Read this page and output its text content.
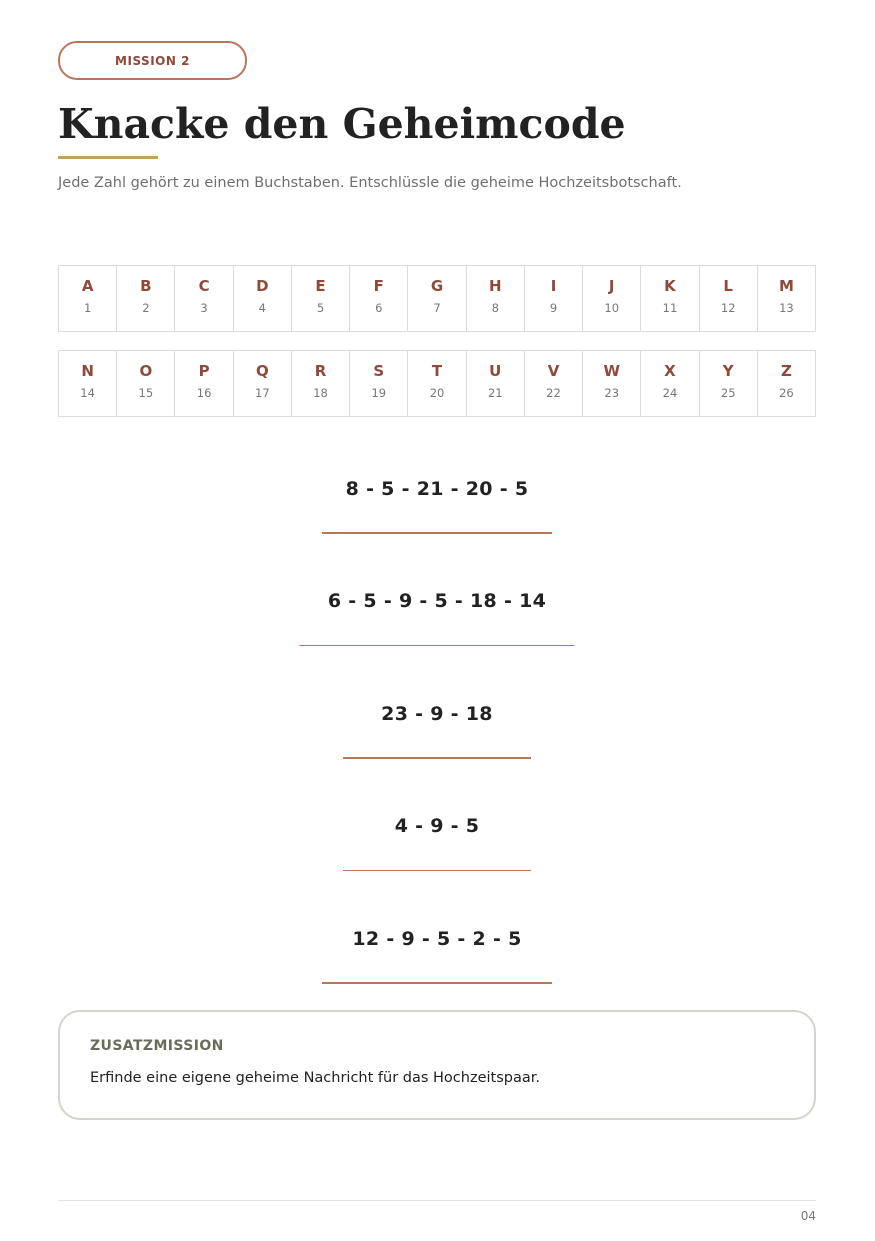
MISSION 2
Knacke den Geheimcode

Jede Zahl gehört zu einem Buchstaben. Entschlüssle die geheime Hochzeitsbotschaft.

A
1
B
2
C
3
D
4
E
5
F
6
G
7
H
8
I
9
J
10
K
11
L
12
M
13
N
14
O
15
P
16
Q
17
R
18
S
19
T
20
U
21
V
22
W
23
X
24
Y
25
Z
26
8 - 5 - 21 - 20 - 5
6 - 5 - 9 - 5 - 18 - 14
23 - 9 - 18
4 - 9 - 5
12 - 9 - 5 - 2 - 5
ZUSATZMISSION
Erfinde eine eigene geheime Nachricht für das Hochzeitspaar.
04
